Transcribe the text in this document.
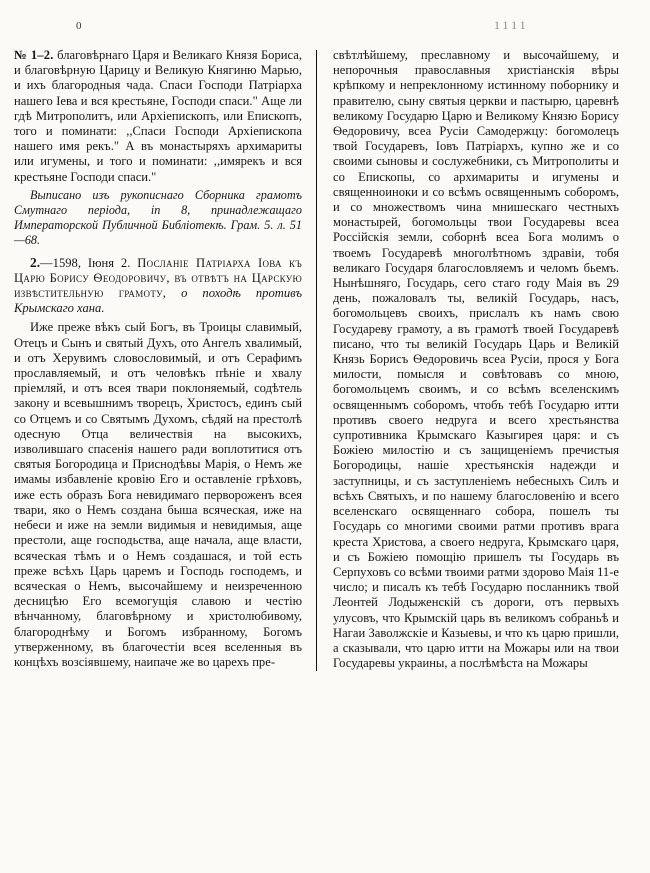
0	1111

№ 1–2. благовѣрнаго Царя и Великаго Князя Бориса, и благовѣрную Царицу и Великую Княгиню Марью, и ихъ благородныя чада. Спаси Господи Патріарха нашего Іева и вся крестьяне, Господи спаси." Аще ли гдѣ Митрополитъ, или Архіепископъ, или Епископъ, того и поминати: ,,Спаси Господи Архіепископа нашего имя рекъ." А въ монастыряхъ архимариты или игумены, и того и поминати: ,,имярекъ и вся крестьяне Господи спаси."

Выписано изъ рукописнаго Сборника грамотъ Смутнаго періода, in 8, принадлежащаго Императорской Публичной Библіотекѣ. Грам. 5. л. 51—68.

2.—1598, Іюня 2. Посланіе Патріарха Іова къ Царю Борису Ѳеодоровичу, въ отвѣтъ на Царскую извѣстительную грамоту, о походѣ противъ Крымскаго хана.

Иже преже вѣкъ сый Богъ, въ Троицы славимый, Отецъ и Сынъ и святый Духъ, ото Ангелъ хвалимый, и отъ Херувимъ словословимый, и отъ Серафимъ прославляемый, и отъ человѣкъ пѣніе и хвалу пріемляй, и отъ всея твари поклоняемый, содѣтель закону и всевышнимъ творецъ, Христосъ, единъ сый со Отцемъ и со Святымъ Духомъ, сѣдяй на престолѣ одесную Отца величествія на высокихъ, изволившаго спасенія нашего ради воплотитися отъ святыя Богородица и Приснодѣвы Марія, о Немъ же имамы избавленіе кровію Его и оставленіе грѣховъ, иже есть образъ Бога невидимаго первороженъ всея твари, яко о Немъ создана быша всяческая, иже на небеси и иже на земли видимыя и невидимыя, аще престоли, аще господьства, аще начала, аще власти, всяческая тѣмъ и о Немъ создашася, и той есть преже всѣхъ Царь царемъ и Господь господемъ, и всяческая о Немъ, высочайшему и неизреченною десницѣю Его всемогущія славою и честію вѣнчанному, благовѣрному и христолюбивому, благороднѣму и Богомъ избранному, Богомъ утверженному, въ благочестіи всея вселенныя въ концѣхъ возсіявшему, наипаче же во царехъ пре-

свѣтлѣйшему, преславному и высочайшему, и непорочныя православныя христіанскія вѣры крѣпкому и непреклонному истинному поборнику и правителю, сыну святыя церкви и пастырю, царевнѣ великому Государю Царю и Великому Князю Борису Ѳедоровичу, всеа Русіи Самодержцу: богомолецъ твой Государевъ, Іовъ Патріархъ, купно же и со своими сыновы и сослужебники, съ Митрополиты и со Епископы, со архимариты и игумены и священноиноки и со всѣмъ освященнымъ соборомъ, и со множествомъ чина мнишескаго честныхъ монастырей, богомольцы твои Государевы всеа Россійскія земли, соборнѣ всеа Бога молимъ о твоемъ Государевѣ многолѣтномъ здравіи, тобя великаго Государя благословляемъ и челомъ бьемъ. Нынѣшняго, Государь, сего стаго году Маія въ 29 день, пожаловалъ ты, великій Государь, насъ, богомольцевъ своихъ, прислалъ къ намъ свою Государеву грамоту, а въ грамотѣ твоей Государевѣ писано, что ты великій Государь Царь и Великій Князь Борисъ Ѳедоровичь всеа Русіи, прося у Бога милости, помысля и совѣтовавъ со мною, богомольцемъ своимъ, и со всѣмъ вселенскимъ освященнымъ соборомъ, чтобъ тебѣ Государю итти противъ своего недруга и всего хрестьянства супротивника Крымскаго Казыгирея царя: и съ Божіею милостію и съ защищеніемъ пречистыя Богородицы, нашіе хрестьянскія надежди и заступницы, и съ заступленіемъ небесныхъ Силъ и всѣхъ Святыхъ, и по нашему благословенію и всего вселенскаго освященнаго собора, пошелъ ты Государь со многими своими ратми противъ врага креста Христова, а своего недруга, Крымскаго царя, и съ Божіею помощію пришелъ ты Государь въ Серпуховъ со всѣми твоими ратми здорово Маія 11-е число; и писалъ къ тебѣ Государю посланникъ твой Леонтей Лодыженскій съ дороги, отъ первыхъ улусовъ, что Крымскій царь въ великомъ собраньѣ и Нагаи Заволжскіе и Казыевы, и что къ царю пришли, а сказывали, что царю итти на Можары или на твои Государевы украины, а послѣмѣста на Можары
